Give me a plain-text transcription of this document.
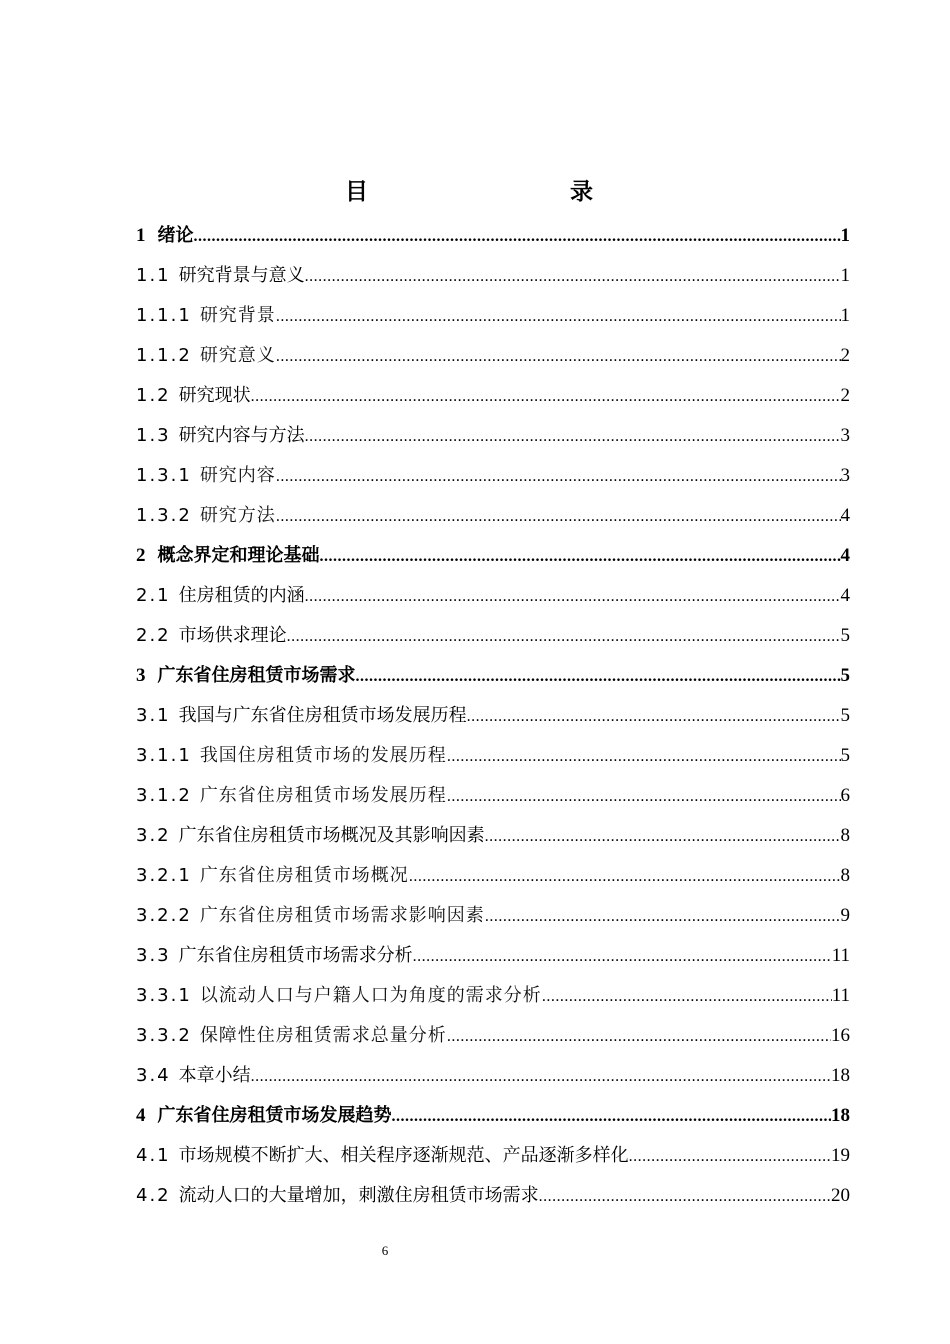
目　　录
1 绪论 .....	1
1.1 研究背景与意义 .....	1
1.1.1 研究背景 .....	1
1.1.2 研究意义 .....	2
1.2 研究现状 .....	2
1.3 研究内容与方法 .....	3
1.3.1 研究内容 .....	3
1.3.2 研究方法 .....	4
2 概念界定和理论基础 .....	4
2.1 住房租赁的内涵 .....	4
2.2 市场供求理论 .....	5
3 广东省住房租赁市场需求 .....	5
3.1 我国与广东省住房租赁市场发展历程 .....	5
3.1.1 我国住房租赁市场的发展历程 .....	5
3.1.2 广东省住房租赁市场发展历程 .....	6
3.2 广东省住房租赁市场概况及其影响因素 .....	8
3.2.1 广东省住房租赁市场概况 .....	8
3.2.2 广东省住房租赁市场需求影响因素 .....	9
3.3 广东省住房租赁市场需求分析 .....	11
3.3.1 以流动人口与户籍人口为角度的需求分析 .....	11
3.3.2 保障性住房租赁需求总量分析 .....	16
3.4 本章小结 .....	18
4 广东省住房租赁市场发展趋势 .....	18
4.1 市场规模不断扩大、相关程序逐渐规范、产品逐渐多样化 .....	19
4.2 流动人口的大量增加，刺激住房租赁市场需求 .....	20
6
